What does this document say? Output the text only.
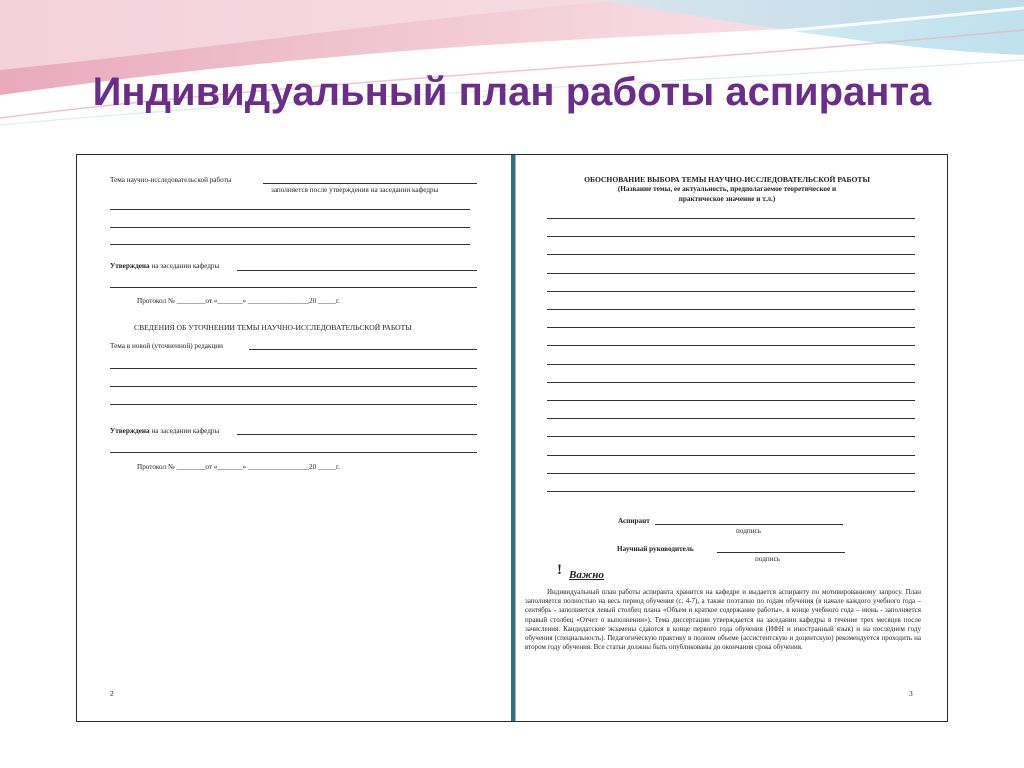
Индивидуальный план работы аспиранта
Тема научно-исследовательской работы
заполняется после утверждения на заседании кафедры
Утверждена на заседании кафедры
Протокол № ________от «_______» _________________20 _____г.
СВЕДЕНИЯ ОБ УТОЧНЕНИИ ТЕМЫ НАУЧНО-ИССЛЕДОВАТЕЛЬСКОЙ РАБОТЫ
Тема в новой (уточненной) редакции
Утверждена на заседании кафедры
Протокол № ________от «_______» _________________20 _____г.
2
ОБОСНОВАНИЕ ВЫБОРА ТЕМЫ НАУЧНО-ИССЛЕДОВАТЕЛЬСКОЙ РАБОТЫ
(Название темы, ее актуальность, предполагаемое теоретическое и
практическое значение и т.л.)
Аспирант
подпись
Научный руководитель
подпись
! Важно

Индивидуальный план работы аспиранта хранится на кафедре и выдается аспиранту по мотивированному запросу. План заполняется полностью на весь период обучения (с. 4-7), а также поэтапно по годам обучения (в начале каждого учебного года – сентябрь - заполняется левый столбец плана «Объем и краткое содержание работы», в конце учебного года – июнь - заполняется правый столбец «Отчет о выполнении»). Тема диссертации утверждается на заседании кафедры в течение трех месяцев после зачисления. Кандидатские экзамены сдаются в конце первого года обучения (ИФН и иностранный язык) и на последнем году обучения (специальность). Педагогическую практику в полном объеме (ассистентскую и доцентскую) рекомендуется проходить на втором году обучения. Все статьи должны быть опубликованы до окончания срока обучения.

3
